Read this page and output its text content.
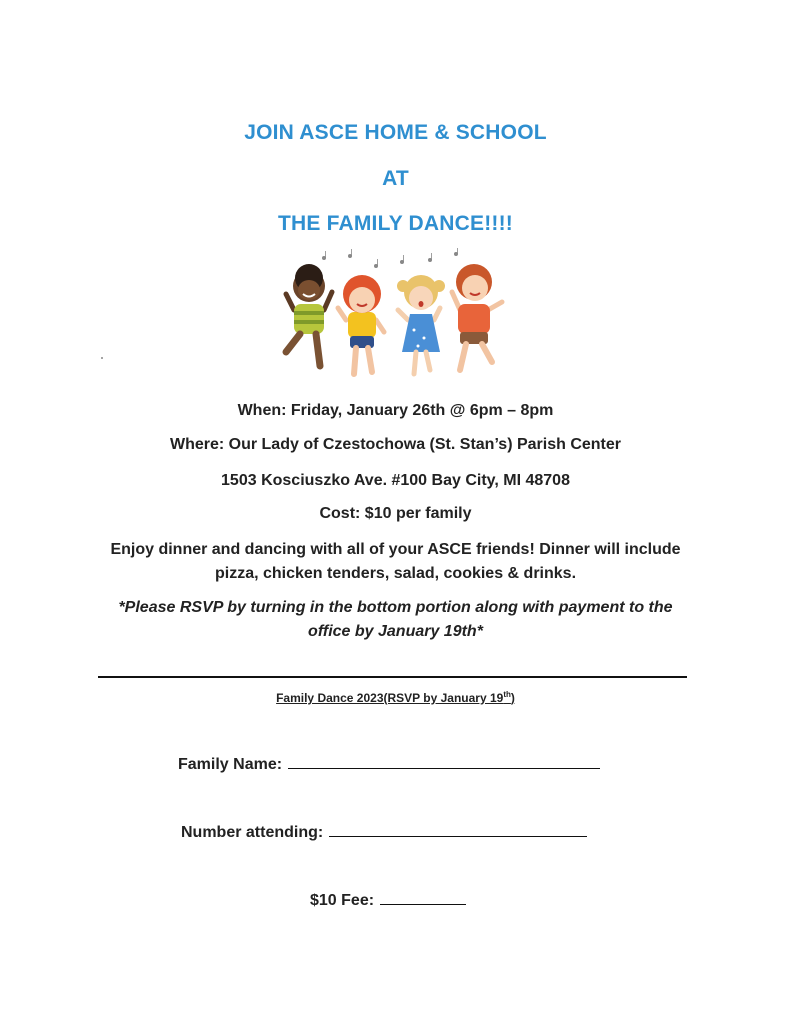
JOIN ASCE HOME & SCHOOL
AT
THE FAMILY DANCE!!!!
When: Friday, January 26th @ 6pm – 8pm
Where: Our Lady of Czestochowa (St. Stan’s) Parish Center
1503 Kosciuszko Ave. #100 Bay City, MI 48708
Cost: $10 per family
Enjoy dinner and dancing with all of your ASCE friends! Dinner will include pizza, chicken tenders, salad, cookies & drinks.
*Please RSVP by turning in the bottom portion along with payment to the office by January 19th*
Family Dance 2023(RSVP by January 19th)
Family Name:
Number attending:
$10 Fee:
